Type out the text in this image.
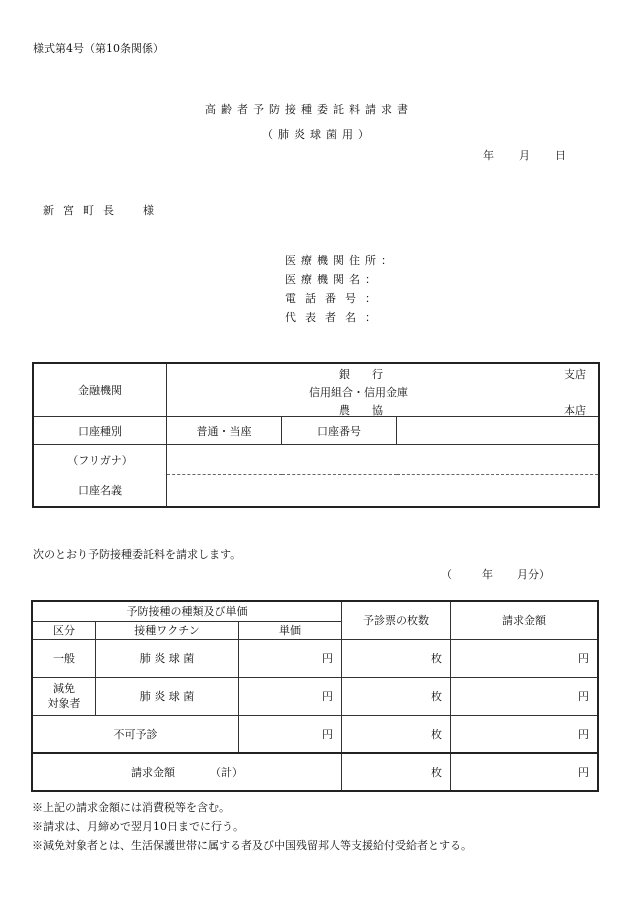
様式第4号（第10条関係）
高齢者予防接種委託料請求書
（肺炎球菌用）
年 月 日
新宮町長　様
医療機関住所：
医療機関名：
電話番号：
代表者名：
金融機関	銀　　行 支店
信用組合・信用金庫
農　　協 本店		

口座種別	普通・当座	口座番号	
（フリガナ）			
口座名義			
次のとおり予防接種委託料を請求します。
（	年 月分）
予防接種の種類及び単価			予診票の枚数	請求金額
区分	接種ワクチン	単価		
一般	肺 炎 球 菌	円	枚	円
減免
対象者	肺 炎 球 菌	円	枚	円
不可予診		円	枚	円
請求金額 （計）			枚	円
※上記の請求金額には消費税等を含む。
※請求は、月締めで翌月10日までに行う。
※減免対象者とは、生活保護世帯に属する者及び中国残留邦人等支援給付受給者とする。
